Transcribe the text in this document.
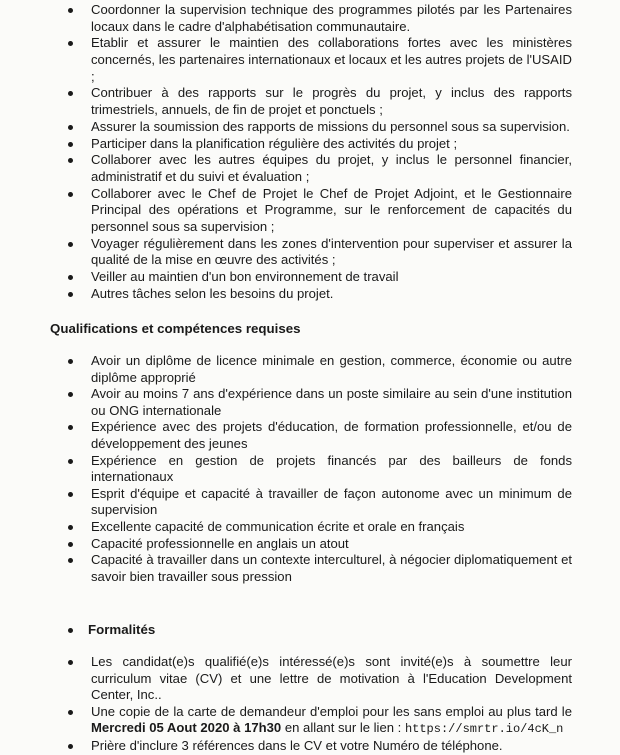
Coordonner la supervision technique des programmes pilotés par les Partenaires locaux dans le cadre d'alphabétisation communautaire.
Etablir et assurer le maintien des collaborations fortes avec les ministères concernés, les partenaires internationaux et locaux et les autres projets de l'USAID ;
Contribuer à des rapports sur le progrès du projet, y inclus des rapports trimestriels, annuels, de fin de projet et ponctuels ;
Assurer la soumission des rapports de missions du personnel sous sa supervision.
Participer dans la planification régulière des activités du projet ;
Collaborer avec les autres équipes du projet, y inclus le personnel financier, administratif et du suivi et évaluation ;
Collaborer avec le Chef de Projet le Chef de Projet Adjoint, et le Gestionnaire Principal des opérations et Programme, sur le renforcement de capacités du personnel sous sa supervision ;
Voyager régulièrement dans les zones d'intervention pour superviser et assurer la qualité de la mise en œuvre des activités ;
Veiller au maintien d'un bon environnement de travail
Autres tâches selon les besoins du projet.
Qualifications et compétences requises
Avoir un diplôme de licence minimale en gestion, commerce, économie ou autre diplôme approprié
Avoir au moins 7 ans d'expérience dans un poste similaire au sein d'une institution ou ONG internationale
Expérience avec des projets d'éducation, de formation professionnelle, et/ou de développement des jeunes
Expérience en gestion de projets financés par des bailleurs de fonds internationaux
Esprit d'équipe et capacité à travailler de façon autonome avec un minimum de supervision
Excellente capacité de communication écrite et orale en français
Capacité professionnelle en anglais un atout
Capacité à travailler dans un contexte interculturel, à négocier diplomatiquement et savoir bien travailler sous pression
Formalités
Les candidat(e)s qualifié(e)s intéressé(e)s sont invité(e)s à soumettre leur curriculum vitae (CV) et une lettre de motivation à l'Education Development Center, Inc..
Une copie de la carte de demandeur d'emploi pour les sans emploi au plus tard le Mercredi 05 Aout 2020 à 17h30 en allant sur le lien : https://smrtr.io/4cK_n
Prière d'inclure 3 références dans le CV et votre Numéro de téléphone.
